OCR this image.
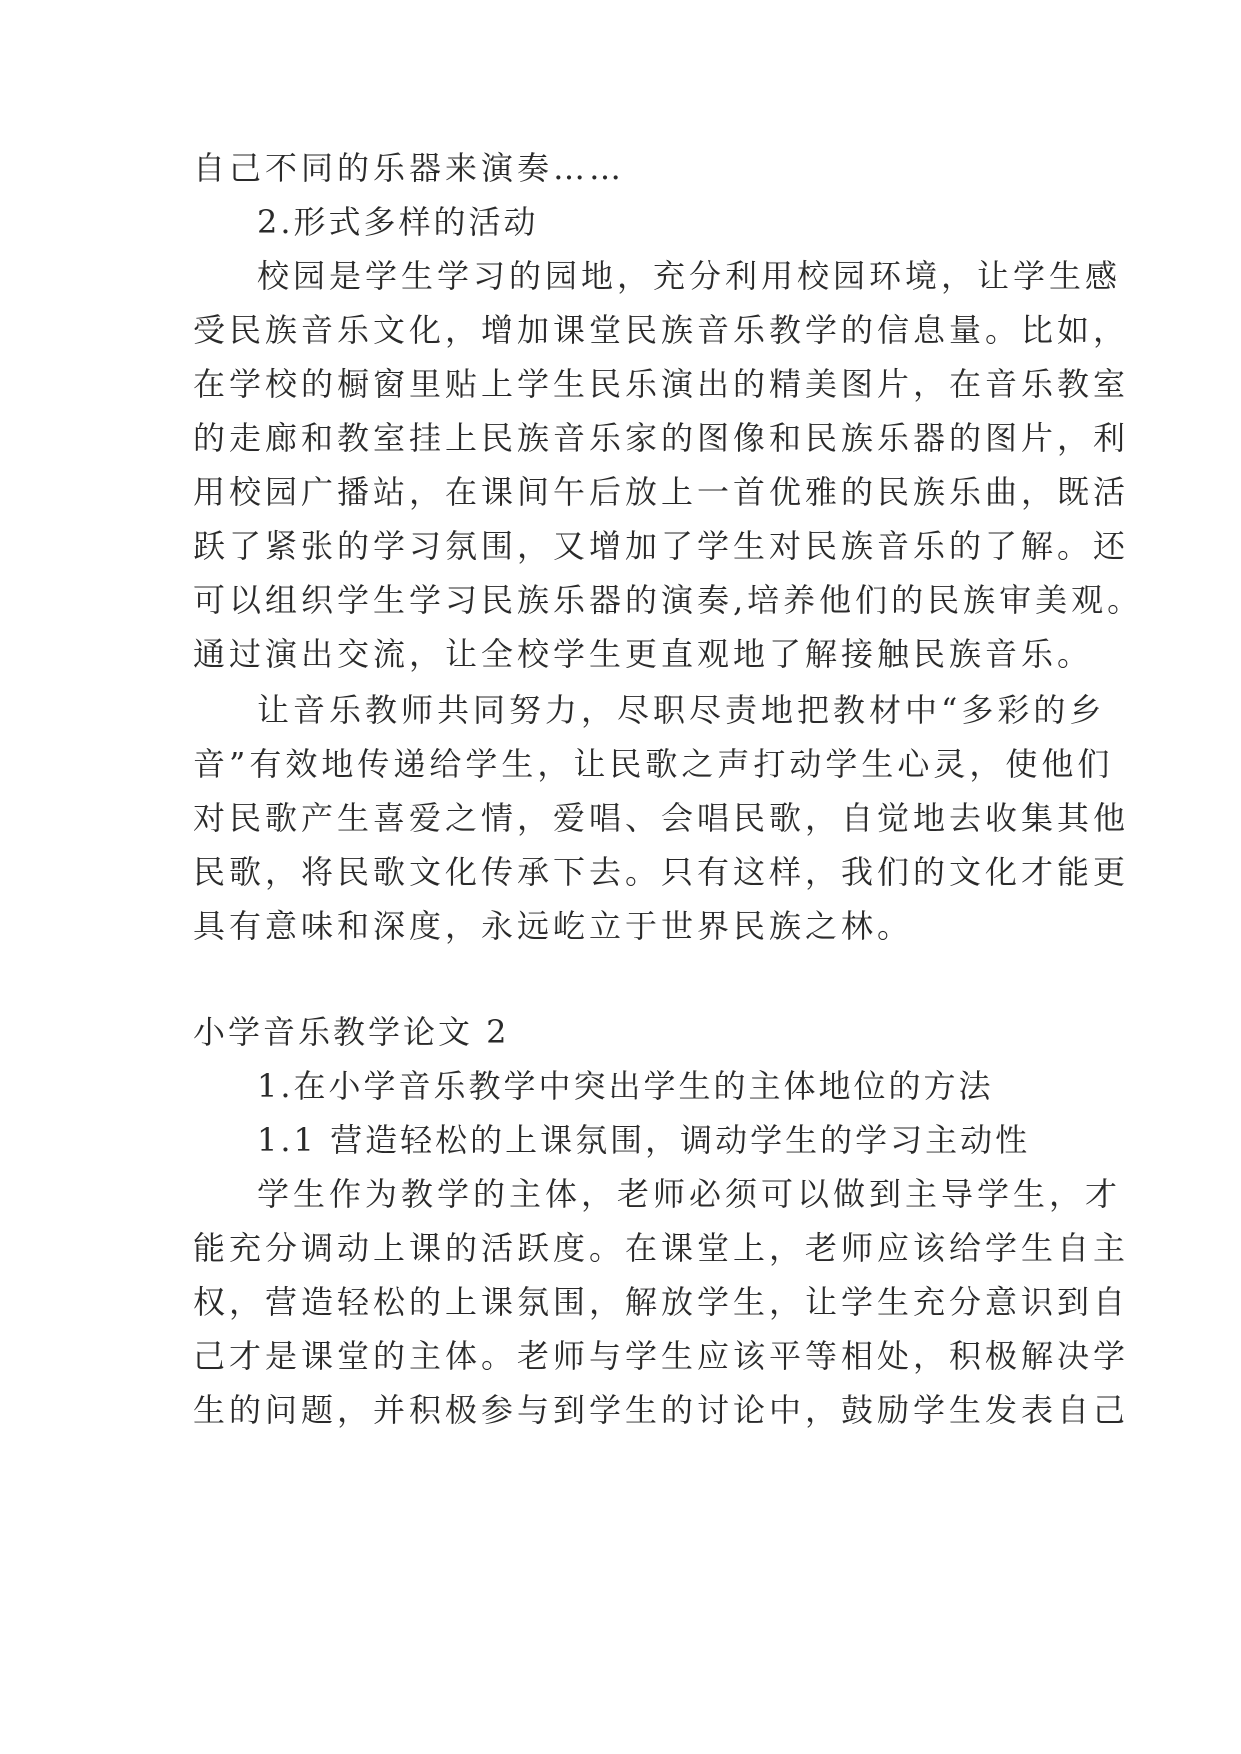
自己不同的乐器来演奏……

2.形式多样的活动

校园是学生学习的园地，充分利用校园环境，让学生感

受民族音乐文化，增加课堂民族音乐教学的信息量。比如，

在学校的橱窗里贴上学生民乐演出的精美图片，在音乐教室

的走廊和教室挂上民族音乐家的图像和民族乐器的图片，利

用校园广播站，在课间午后放上一首优雅的民族乐曲，既活

跃了紧张的学习氛围，又增加了学生对民族音乐的了解。还

可以组织学生学习民族乐器的演奏,培养他们的民族审美观。

通过演出交流，让全校学生更直观地了解接触民族音乐。

让音乐教师共同努力，尽职尽责地把教材中“多彩的乡

音”有效地传递给学生，让民歌之声打动学生心灵，使他们

对民歌产生喜爱之情，爱唱、会唱民歌，自觉地去收集其他

民歌，将民歌文化传承下去。只有这样，我们的文化才能更

具有意味和深度，永远屹立于世界民族之林。

小学音乐教学论文 2

1.在小学音乐教学中突出学生的主体地位的方法

1.1 营造轻松的上课氛围，调动学生的学习主动性

学生作为教学的主体，老师必须可以做到主导学生，才

能充分调动上课的活跃度。在课堂上，老师应该给学生自主

权，营造轻松的上课氛围，解放学生，让学生充分意识到自

己才是课堂的主体。老师与学生应该平等相处，积极解决学

生的问题，并积极参与到学生的讨论中，鼓励学生发表自己
